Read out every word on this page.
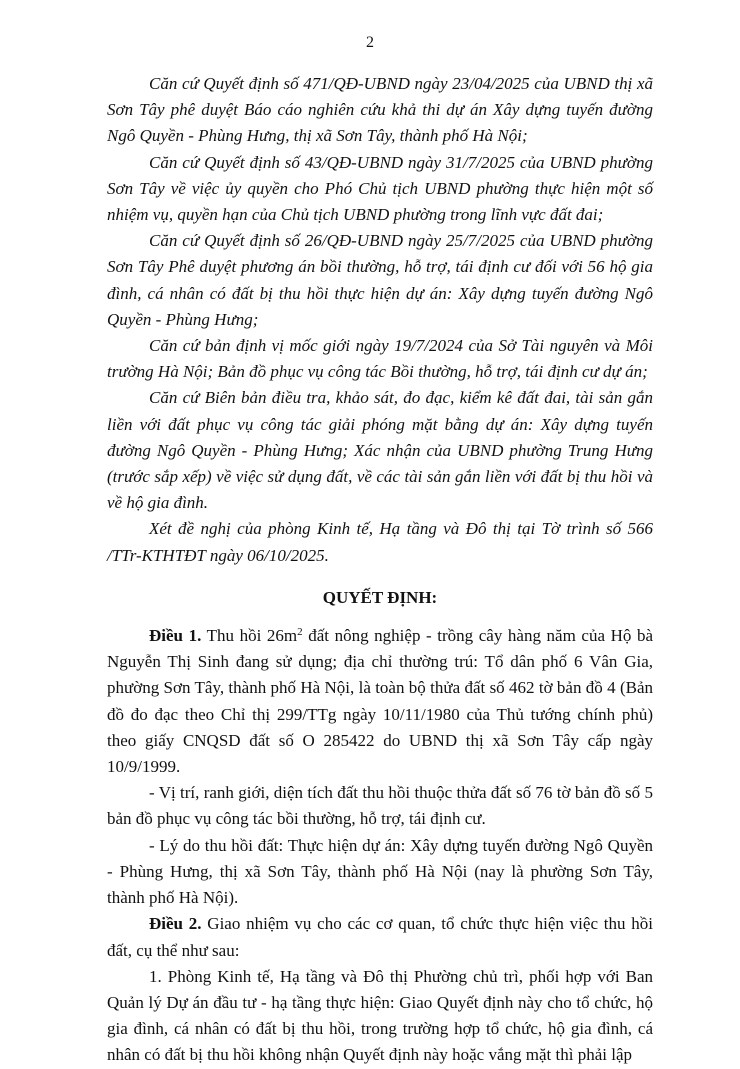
2

Căn cứ Quyết định số 471/QĐ-UBND ngày 23/04/2025 của UBND thị xã Sơn Tây phê duyệt Báo cáo nghiên cứu khả thi dự án Xây dựng tuyến đường Ngô Quyền - Phùng Hưng, thị xã Sơn Tây, thành phố Hà Nội;

Căn cứ Quyết định số 43/QĐ-UBND ngày 31/7/2025 của UBND phường Sơn Tây về việc ủy quyền cho Phó Chủ tịch UBND phường thực hiện một số nhiệm vụ, quyền hạn của Chủ tịch UBND phường trong lĩnh vực đất đai;

Căn cứ Quyết định số 26/QĐ-UBND ngày 25/7/2025 của UBND phường Sơn Tây Phê duyệt phương án bồi thường, hỗ trợ, tái định cư đối với 56 hộ gia đình, cá nhân có đất bị thu hồi thực hiện dự án: Xây dựng tuyến đường Ngô Quyền - Phùng Hưng;

Căn cứ bản định vị mốc giới ngày 19/7/2024 của Sở Tài nguyên và Môi trường Hà Nội; Bản đồ phục vụ công tác Bồi thường, hỗ trợ, tái định cư dự án;

Căn cứ Biên bản điều tra, khảo sát, đo đạc, kiểm kê đất đai, tài sản gắn liền với đất phục vụ công tác giải phóng mặt bằng dự án: Xây dựng tuyến đường Ngô Quyền - Phùng Hưng; Xác nhận của UBND phường Trung Hưng (trước sắp xếp) về việc sử dụng đất, về các tài sản gắn liền với đất bị thu hồi và về hộ gia đình.

Xét đề nghị của phòng Kinh tế, Hạ tầng và Đô thị tại Tờ trình số 566 /TTr-KTHTĐT ngày 06/10/2025.

QUYẾT ĐỊNH:

Điều 1. Thu hồi $26m^2$ đất nông nghiệp - trồng cây hàng năm của Hộ bà Nguyễn Thị Sinh đang sử dụng; địa chỉ thường trú: Tổ dân phố 6 Vân Gia, phường Sơn Tây, thành phố Hà Nội, là toàn bộ thửa đất số 462 tờ bản đồ 4 (Bản đồ đo đạc theo Chỉ thị 299/TTg ngày 10/11/1980 của Thủ tướng chính phủ) theo giấy CNQSD đất số O 285422 do UBND thị xã Sơn Tây cấp ngày 10/9/1999.

- Vị trí, ranh giới, diện tích đất thu hồi thuộc thửa đất số 76 tờ bản đồ số 5 bản đồ phục vụ công tác bồi thường, hỗ trợ, tái định cư.

- Lý do thu hồi đất: Thực hiện dự án: Xây dựng tuyến đường Ngô Quyền - Phùng Hưng, thị xã Sơn Tây, thành phố Hà Nội (nay là phường Sơn Tây, thành phố Hà Nội).

Điều 2. Giao nhiệm vụ cho các cơ quan, tổ chức thực hiện việc thu hồi đất, cụ thể như sau:

1. Phòng Kinh tế, Hạ tầng và Đô thị Phường chủ trì, phối hợp với Ban Quản lý Dự án đầu tư - hạ tầng thực hiện: Giao Quyết định này cho tổ chức, hộ gia đình, cá nhân có đất bị thu hồi, trong trường hợp tổ chức, hộ gia đình, cá nhân có đất bị thu hồi không nhận Quyết định này hoặc vắng mặt thì phải lập
